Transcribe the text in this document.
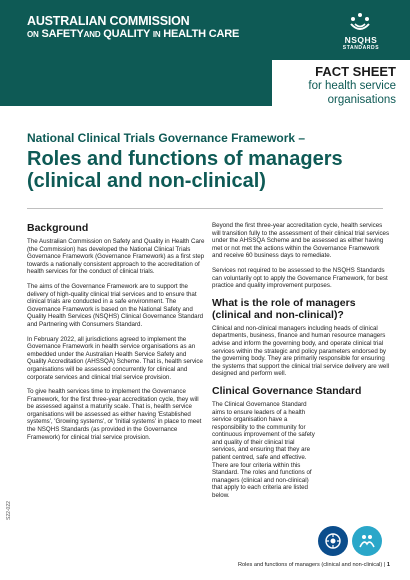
AUSTRALIAN COMMISSION
ON SAFETYAND QUALITY IN HEALTH CARE	NSQHS
STANDARDS
FACT SHEET
for health service
organisations
National Clinical Trials Governance Framework –
Roles and functions of managers
(clinical and non-clinical)
Background

The Australian Commission on Safety and Quality in Health Care (the Commission) has developed the National Clinical Trials Governance Framework (Governance Framework) as a first step towards a nationally consistent approach to the accreditation of health services for the conduct of clinical trials.

The aims of the Governance Framework are to support the delivery of high-quality clinical trial services and to ensure that clinical trials are conducted in a safe environment. The Governance Framework is based on the National Safety and Quality Health Services (NSQHS) Clinical Governance Standard and Partnering with Consumers Standard.

In February 2022, all jurisdictions agreed to implement the Governance Framework in health service organisations as an embedded under the Australian Health Service Safety and Quality Accreditation (AHSSQA) Scheme. That is, health service organisations will be assessed concurrently for clinical and corporate services and clinical trial service provision.

To give health services time to implement the Governance Framework, for the first three-year accreditation cycle, they will be assessed against a maturity scale. That is, health service organisations will be assessed as either having 'Established systems', 'Growing systems', or 'Initial systems' in place to meet the NSQHS Standards (as provided in the Governance Framework) for clinical trial service provision.

Beyond the first three-year accreditation cycle, health services will transition fully to the assessment of their clinical trial services under the AHSSQA Scheme and be assessed as either having met or not met the actions within the Governance Framework and receive 60 business days to remediate.

Services not required to be assessed to the NSQHS Standards can voluntarily opt to apply the Governance Framework, for best practice and quality improvement purposes.

What is the role of managers
(clinical and non-clinical)?

Clinical and non-clinical managers including heads of clinical departments, business, finance and human resource managers advise and inform the governing body, and operate clinical trial services within the strategic and policy parameters endorsed by the governing body. They are primarily responsible for ensuring the systems that support the clinical trial service delivery are well designed and perform well.

Clinical Governance Standard

The Clinical Governance Standard aims to ensure leaders of a health service organisation have a responsibility to the community for continuous improvement of the safety and quality of their clinical trial services, and ensuring that they are patient centred, safe and effective. There are four criteria within this Standard. The roles and functions of managers (clinical and non-clinical) that apply to each criteria are listed below.

S22-022
Roles and functions of managers (clinical and non-clinical) | 1
